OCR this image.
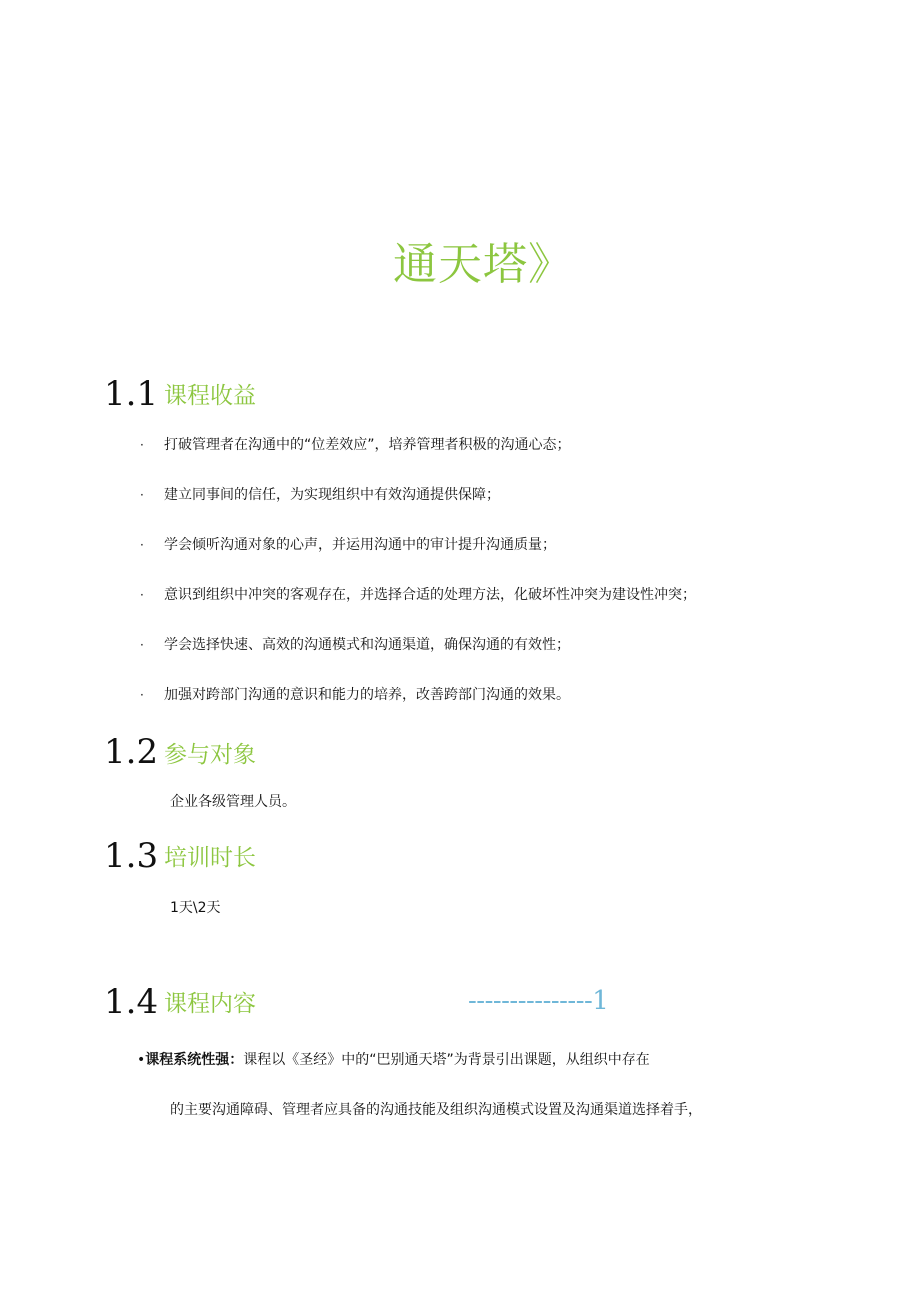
通天塔》
1.1 课程收益
·	打破管理者在沟通中的“位差效应”，培养管理者积极的沟通心态；
·	建立同事间的信任，为实现组织中有效沟通提供保障；
·	学会倾听沟通对象的心声，并运用沟通中的审计提升沟通质量；
·	意识到组织中冲突的客观存在，并选择合适的处理方法，化破坏性冲突为建设性冲突；
·	学会选择快速、高效的沟通模式和沟通渠道，确保沟通的有效性；
·	加强对跨部门沟通的意识和能力的培养，改善跨部门沟通的效果。
1.2 参与对象
企业各级管理人员。
1.3 培训时长
1天\2天
1.4 课程内容	---------------1
•课程系统性强：课程以《圣经》中的“巴别通天塔”为背景引出课题，从组织中存在
的主要沟通障碍、管理者应具备的沟通技能及组织沟通模式设置及沟通渠道选择着手，
